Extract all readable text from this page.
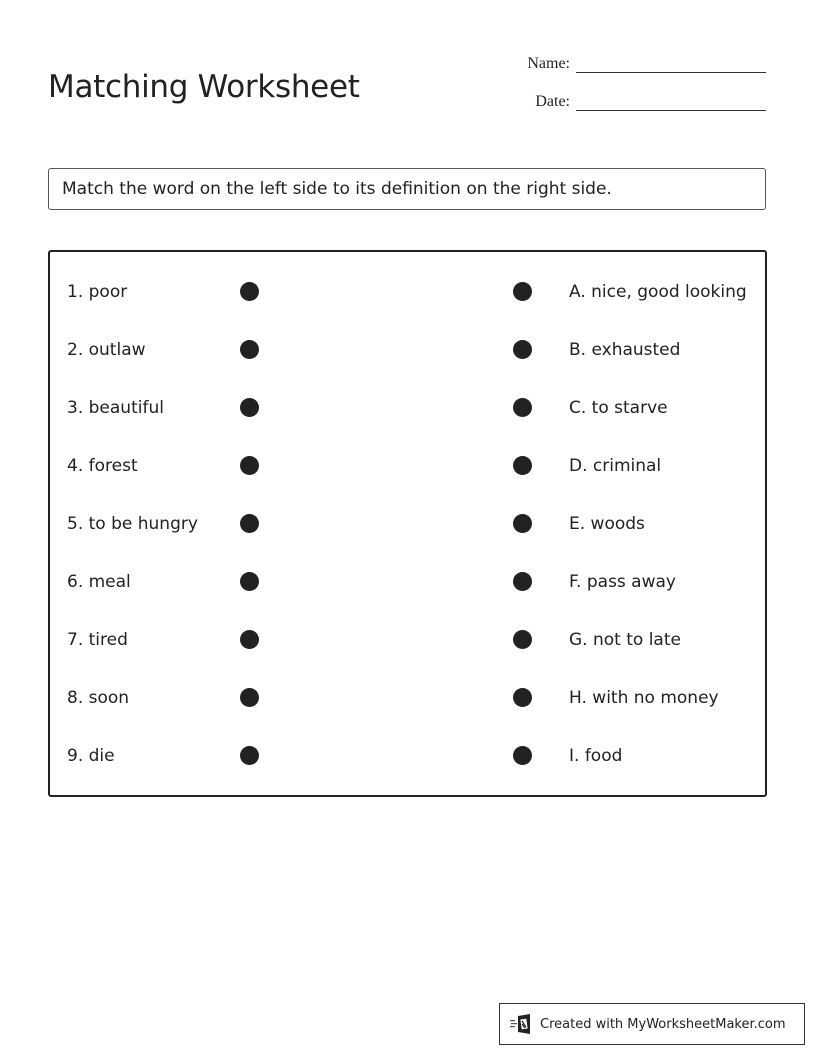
Matching Worksheet
Name:
Date:
Match the word on the left side to its definition on the right side.
1. poor	A. nice, good looking
2. outlaw	B. exhausted
3. beautiful	C. to starve
4. forest	D. criminal
5. to be hungry	E. woods
6. meal	F. pass away
7. tired	G. not to late
8. soon	H. with no money
9. die	I. food
Created with MyWorksheetMaker.com
